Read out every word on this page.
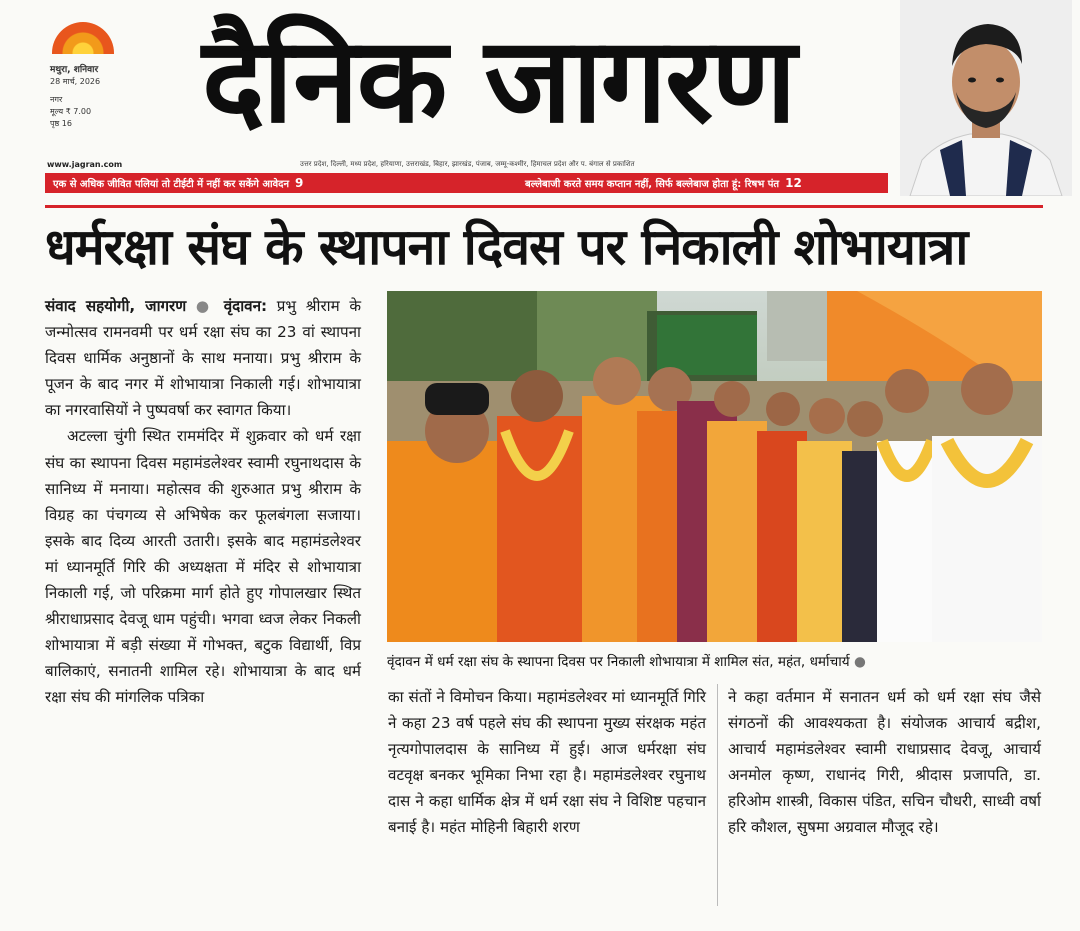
मथुरा, शनिवार
28 मार्च, 2026
नगर
मूल्य ₹ 7.00
पृष्ठ 16	दैनिक जागरण
www.jagran.com	उत्तर प्रदेश, दिल्ली, मध्य प्रदेश, हरियाणा, उत्तराखंड, बिहार, झारखंड, पंजाब, जम्मू-कश्मीर, हिमाचल प्रदेश और प. बंगाल से प्रकाशित
एक से अधिक जीवित पलियां तो टीईटी में नहीं कर सकेंगे आवेदन 9	बल्लेबाजी करते समय कप्तान नहीं, सिर्फ बल्लेबाज होता हूं: रिषभ पंत 12
धर्मरक्षा संघ के स्थापना दिवस पर निकाली शोभायात्रा

संवाद सहयोगी, जागरण ● वृंदावन: प्रभु श्रीराम के जन्मोत्सव रामनवमी पर धर्म रक्षा संघ का 23 वां स्थापना दिवस धार्मिक अनुष्ठानों के साथ मनाया। प्रभु श्रीराम के पूजन के बाद नगर में शोभायात्रा निकाली गई। शोभायात्रा का नगरवासियों ने पुष्पवर्षा कर स्वागत किया।

अटल्ला चुंगी स्थित राममंदिर में शुक्रवार को धर्म रक्षा संघ का स्थापना दिवस महामंडलेश्वर स्वामी रघुनाथदास के सानिध्य में मनाया। महोत्सव की शुरुआत प्रभु श्रीराम के विग्रह का पंचगव्य से अभिषेक कर फूलबंगला सजाया। इसके बाद दिव्य आरती उतारी। इसके बाद महामंडलेश्वर मां ध्यानमूर्ति गिरि की अध्यक्षता में मंदिर से शोभायात्रा निकाली गई, जो परिक्रमा मार्ग होते हुए गोपालखार स्थित श्रीराधाप्रसाद देवजू धाम पहुंची। भगवा ध्वज लेकर निकली शोभायात्रा में बड़ी संख्या में गोभक्त, बटुक विद्यार्थी, विप्र बालिकाएं, सनातनी शामिल रहे। शोभायात्रा के बाद धर्म रक्षा संघ की मांगलिक पत्रिका

वृंदावन में धर्म रक्षा संघ के स्थापना दिवस पर निकाली शोभायात्रा में शामिल संत, महंत, धर्माचार्य ●

का संतों ने विमोचन किया। महामंडलेश्वर मां ध्यानमूर्ति गिरि ने कहा 23 वर्ष पहले संघ की स्थापना मुख्य संरक्षक महंत नृत्यगोपालदास के सानिध्य में हुई। आज धर्मरक्षा संघ वटवृक्ष बनकर भूमिका निभा रहा है। महामंडलेश्वर रघुनाथ दास ने कहा धार्मिक क्षेत्र में धर्म रक्षा संघ ने विशिष्ट पहचान बनाई है। महंत मोहिनी बिहारी शरण

ने कहा वर्तमान में सनातन धर्म को धर्म रक्षा संघ जैसे संगठनों की आवश्यकता है। संयोजक आचार्य बद्रीश, आचार्य महामंडलेश्वर स्वामी राधाप्रसाद देवजू, आचार्य अनमोल कृष्ण, राधानंद गिरी, श्रीदास प्रजापति, डा. हरिओम शास्त्री, विकास पंडित, सचिन चौधरी, साध्वी वर्षा हरि कौशल, सुषमा अग्रवाल मौजूद रहे।
